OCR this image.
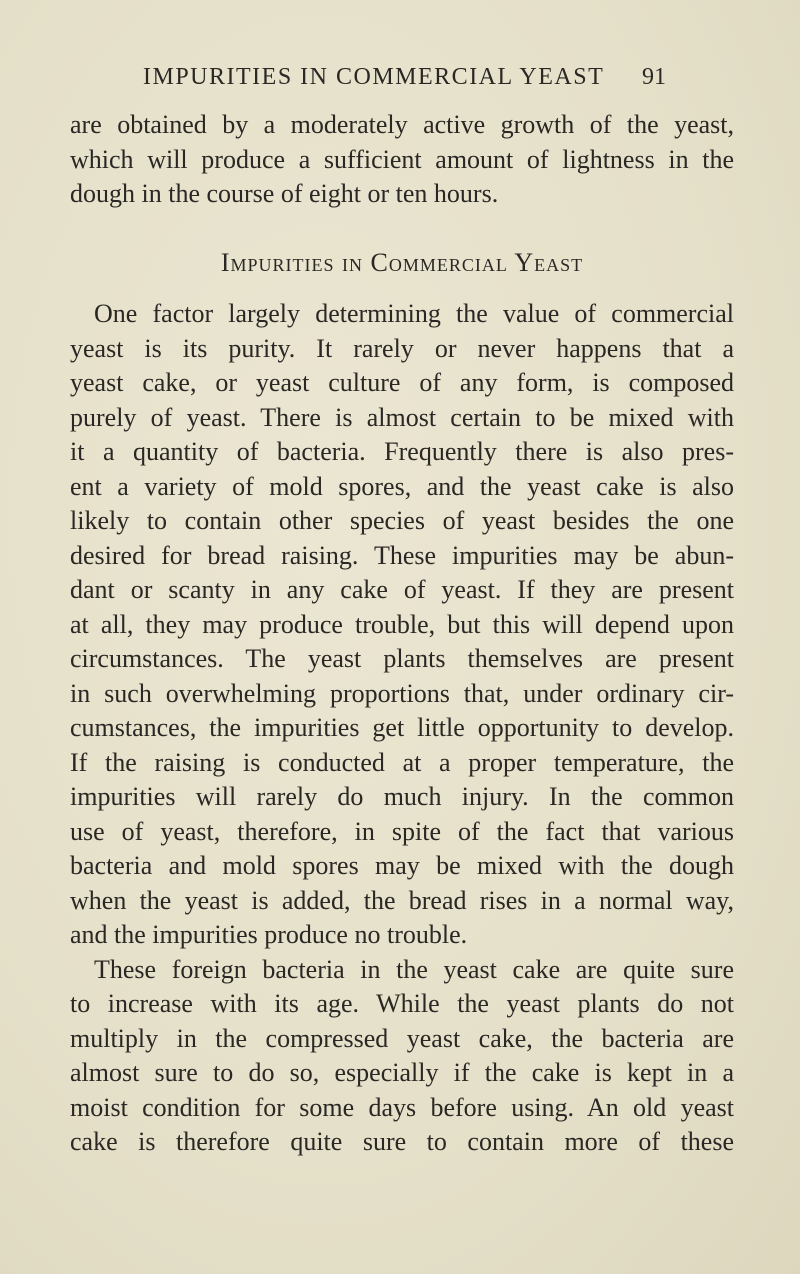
IMPURITIES IN COMMERCIAL YEAST 91
are obtained by a moderately active growth of the yeast,
which will produce a sufficient amount of lightness in the
dough in the course of eight or ten hours.
Impurities in Commercial Yeast
One factor largely determining the value of commercial
yeast is its purity. It rarely or never happens that a
yeast cake, or yeast culture of any form, is composed
purely of yeast. There is almost certain to be mixed with
it a quantity of bacteria. Frequently there is also pres-
ent a variety of mold spores, and the yeast cake is also
likely to contain other species of yeast besides the one
desired for bread raising. These impurities may be abun-
dant or scanty in any cake of yeast. If they are present
at all, they may produce trouble, but this will depend upon
circumstances. The yeast plants themselves are present
in such overwhelming proportions that, under ordinary cir-
cumstances, the impurities get little opportunity to develop.
If the raising is conducted at a proper temperature, the
impurities will rarely do much injury. In the common
use of yeast, therefore, in spite of the fact that various
bacteria and mold spores may be mixed with the dough
when the yeast is added, the bread rises in a normal way,
and the impurities produce no trouble.
These foreign bacteria in the yeast cake are quite sure
to increase with its age. While the yeast plants do not
multiply in the compressed yeast cake, the bacteria are
almost sure to do so, especially if the cake is kept in a
moist condition for some days before using. An old yeast
cake is therefore quite sure to contain more of these
